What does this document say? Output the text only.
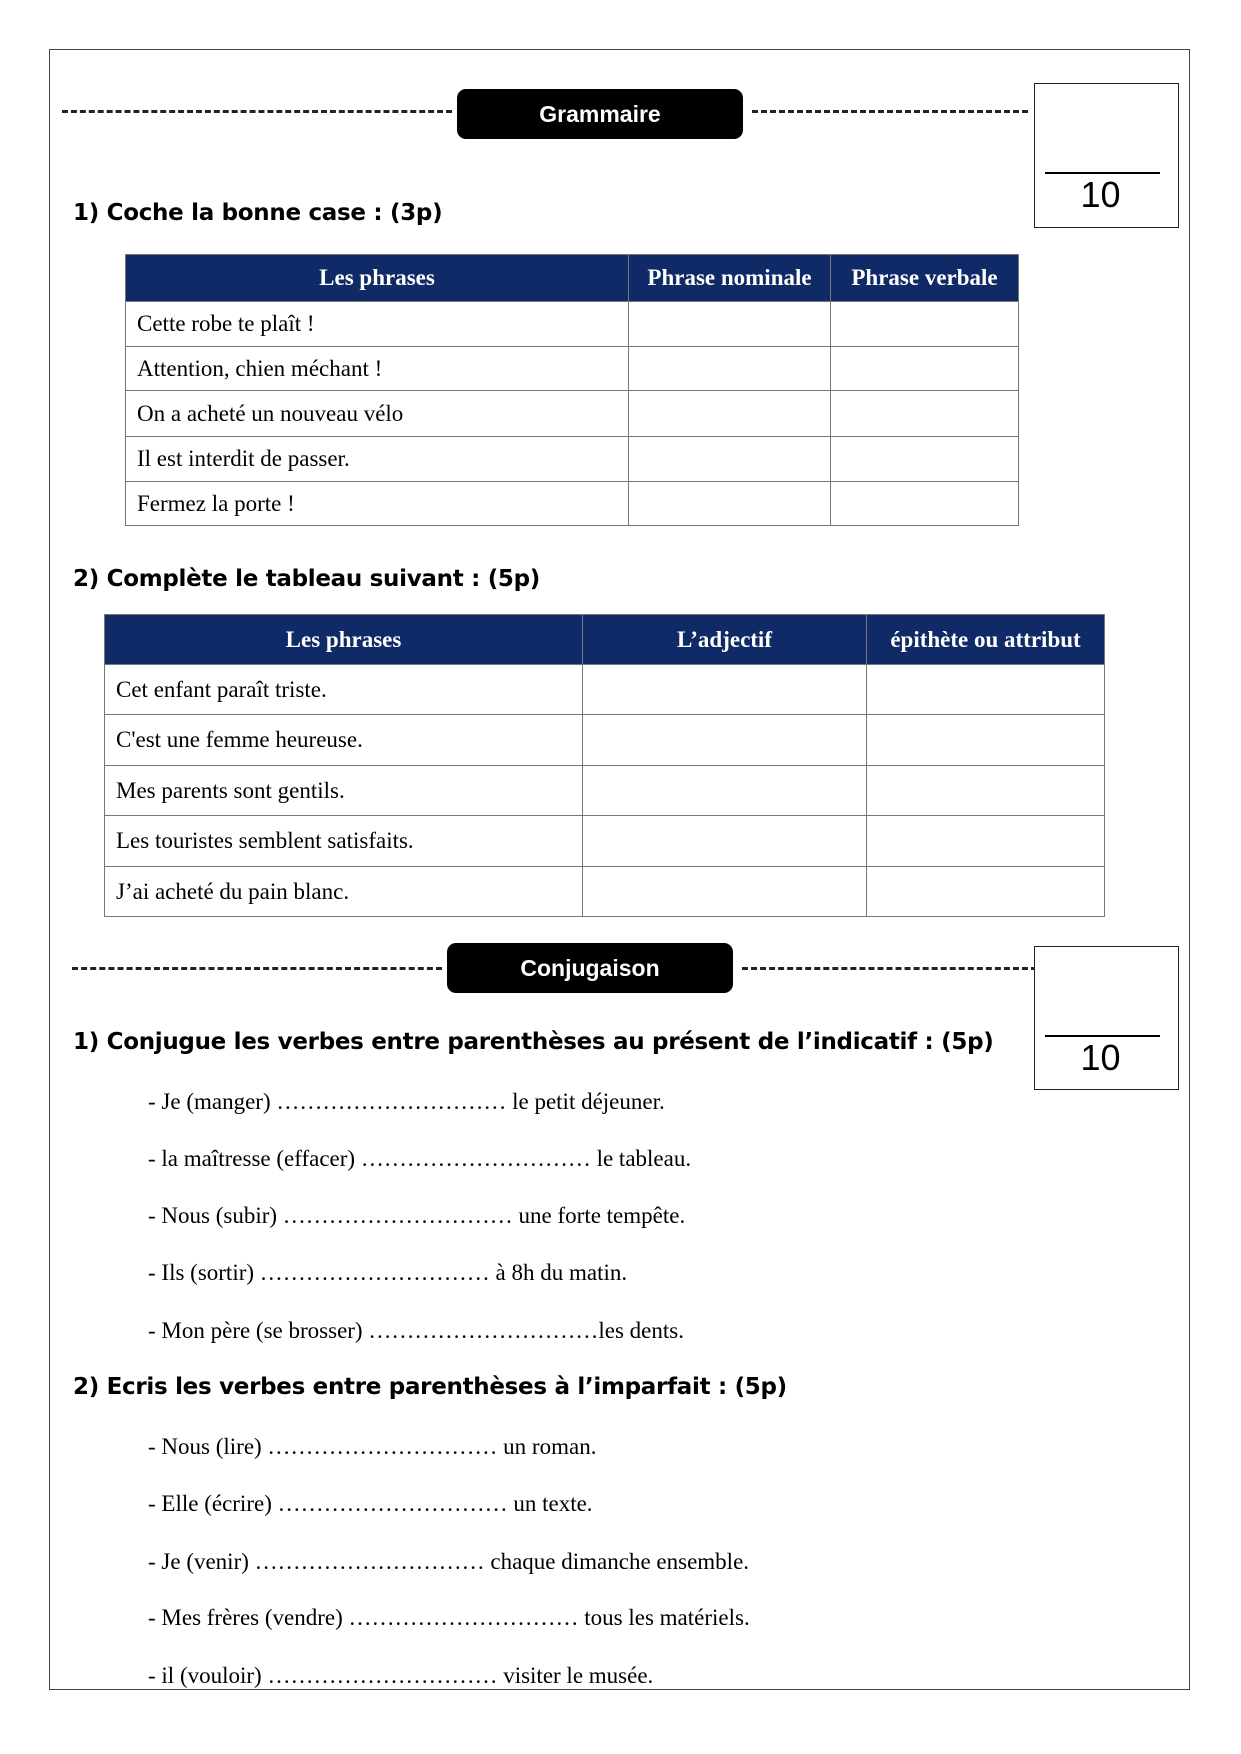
Grammaire
10
1) Coche la bonne case : (3p)
Les phrases	Phrase nominale	Phrase verbale
Cette robe te plaît !		
Attention, chien méchant !		
On a acheté un nouveau vélo		
Il est interdit de passer.		
Fermez la porte !		
2) Complète le tableau suivant : (5p)
Les phrases	L’adjectif	épithète ou attribut
Cet enfant paraît triste.		
C'est une femme heureuse.		
Mes parents sont gentils.		
Les touristes semblent satisfaits.		
J’ai acheté du pain blanc.		
Conjugaison
10
1) Conjugue les verbes entre parenthèses au présent de l’indicatif : (5p)
- Je (manger) ………………………… le petit déjeuner.
- la maîtresse (effacer) ………………………… le tableau.
- Nous (subir) ………………………… une forte tempête.
- Ils (sortir) ………………………… à 8h du matin.
- Mon père (se brosser) …………………………les dents.
2) Ecris les verbes entre parenthèses à l’imparfait : (5p)
- Nous (lire) ………………………… un roman.
- Elle (écrire) ………………………… un texte.
- Je (venir) ………………………… chaque dimanche ensemble.
- Mes frères (vendre) ………………………… tous les matériels.
- il (vouloir) ………………………… visiter le musée.
